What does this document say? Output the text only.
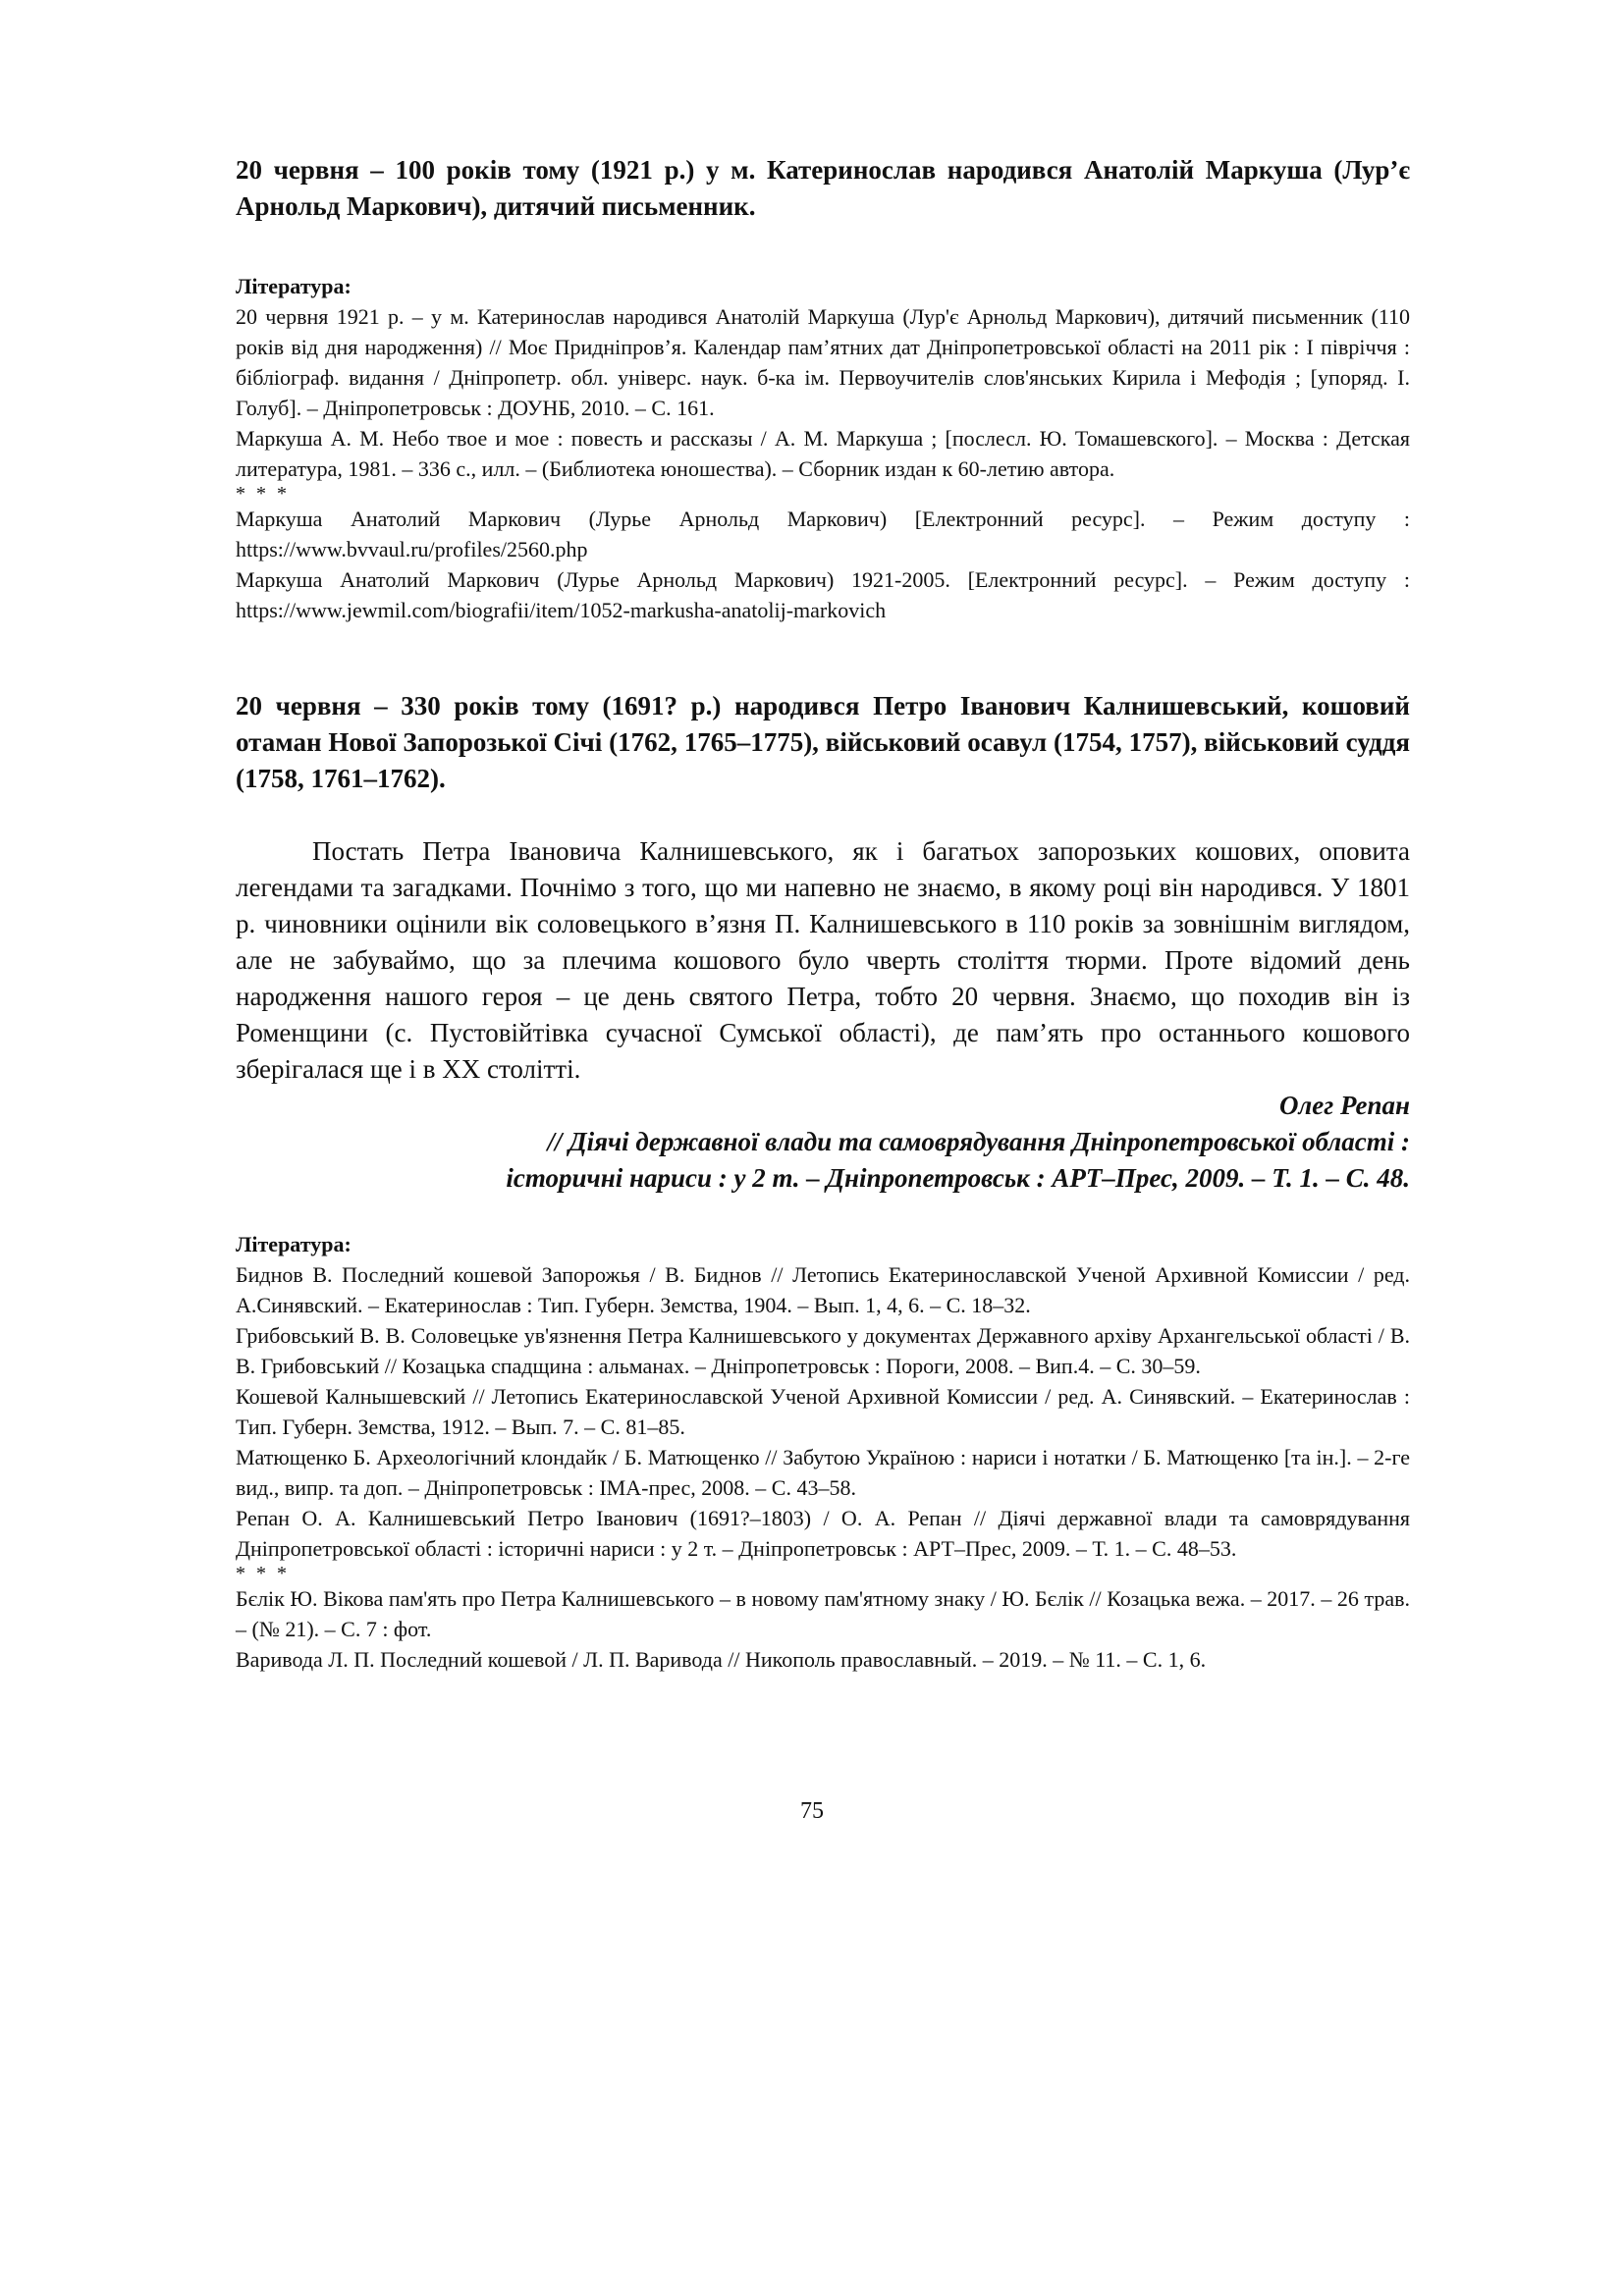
20 червня – 100 років тому (1921 р.) у м. Катеринослав народився Анатолій Маркуша (Лур’є Арнольд Маркович), дитячий письменник.

Література:

20 червня 1921 р. – у м. Катеринослав народився Анатолій Маркуша (Лур'є Арнольд Маркович), дитячий письменник (110 років від дня народження) // Моє Придніпров’я. Календар пам’ятних дат Дніпропетровської області на 2011 рік : І півріччя : бібліограф. видання / Дніпропетр. обл. універс. наук. б-ка ім. Первоучителів слов'янських Кирила і Мефодія ; [упоряд. І. Голуб]. – Дніпропетровськ : ДОУНБ, 2010. – С. 161.

Маркуша А. М. Небо твое и мое : повесть и рассказы / А. М. Маркуша ; [послесл. Ю. Томашевского]. – Москва : Детская литература, 1981. – 336 с., илл. – (Библиотека юношества). – Сборник издан к 60-летию автора.

* * *

Маркуша Анатолий Маркович (Лурье Арнольд Маркович) [Електронний ресурс]. – Режим доступу : https://www.bvvaul.ru/profiles/2560.php

Маркуша Анатолий Маркович (Лурье Арнольд Маркович) 1921-2005. [Електронний ресурс]. – Режим доступу : https://www.jewmil.com/biografii/item/1052-markusha-anatolij-markovich

20 червня – 330 років тому (1691? р.) народився Петро Іванович Калнишевський, кошовий отаман Нової Запорозької Січі (1762, 1765–1775), військовий осавул (1754, 1757), військовий суддя (1758, 1761–1762).

Постать Петра Івановича Калнишевського, як і багатьох запорозьких кошових, оповита легендами та загадками. Почнімо з того, що ми напевно не знаємо, в якому році він народився. У 1801 р. чиновники оцінили вік соловецького в’язня П. Калнишевського в 110 років за зовнішнім виглядом, але не забуваймо, що за плечима кошового було чверть століття тюрми. Проте відомий день народження нашого героя – це день святого Петра, тобто 20 червня. Знаємо, що походив він із Роменщини (с. Пустовійтівка сучасної Сумської області), де пам’ять про останнього кошового зберігалася ще і в ХХ столітті.

Олег Репан

// Діячі державної влади та самоврядування Дніпропетровської області :

історичні нариси : у 2 т. – Дніпропетровськ : АРТ–Прес, 2009. – Т. 1. – С. 48.

Література:

Биднов В. Последний кошевой Запорожья / В. Биднов // Летопись Екатеринославской Ученой Архивной Комиссии / ред. А.Синявский. – Екатеринослав : Тип. Губерн. Земства, 1904. – Вып. 1, 4, 6. – С. 18–32.

Грибовський В. В. Соловецьке ув'язнення Петра Калнишевського у документах Державного архіву Архангельської області / В. В. Грибовський // Козацька спадщина : альманах. – Дніпропетровськ : Пороги, 2008. – Вип.4. – С. 30–59.

Кошевой Калнышевский // Летопись Екатеринославской Ученой Архивной Комиссии / ред. А. Синявский. – Екатеринослав : Тип. Губерн. Земства, 1912. – Вып. 7. – С. 81–85.

Матющенко Б. Археологічний клондайк / Б. Матющенко // Забутою Україною : нариси і нотатки / Б. Матющенко [та ін.]. – 2-ге вид., випр. та доп. – Дніпропетровськ : ІМА-прес, 2008. – С. 43–58.

Репан О. А. Калнишевський Петро Іванович (1691?–1803) / О. А. Репан // Діячі державної влади та самоврядування Дніпропетровської області : історичні нариси : у 2 т. – Дніпропетровськ : АРТ–Прес, 2009. – Т. 1. – С. 48–53.

* * *

Бєлік Ю. Вікова пам'ять про Петра Калнишевського – в новому пам'ятному знаку / Ю. Бєлік // Козацька вежа. – 2017. – 26 трав. – (№ 21). – С. 7 : фот.

Варивода Л. П. Последний кошевой / Л. П. Варивода // Никополь православный. – 2019. – № 11. – С. 1, 6.

75
